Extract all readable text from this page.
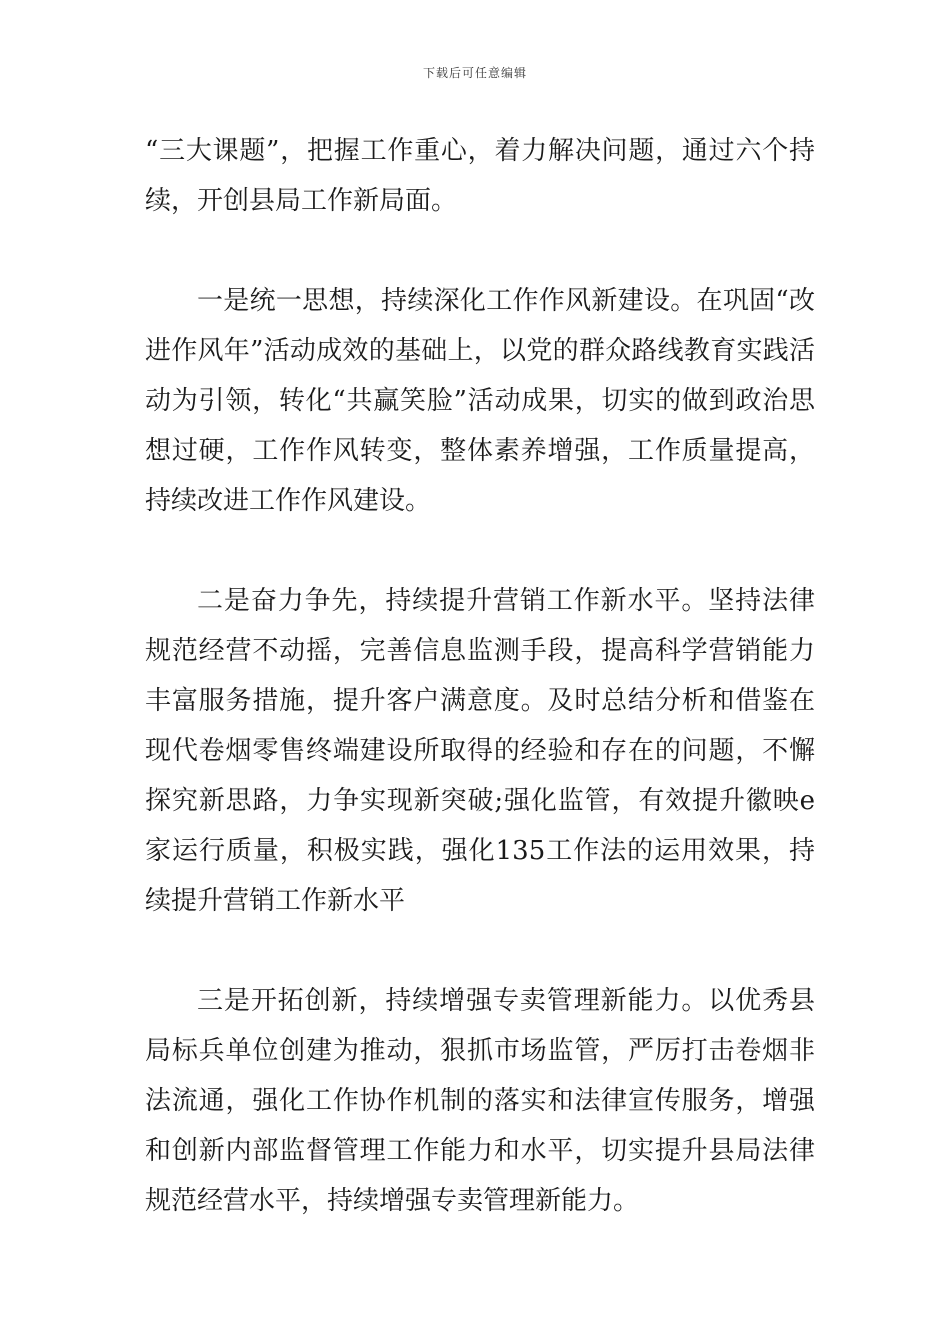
下载后可任意编辑

“三大课题”，把握工作重心，着力解决问题，通过六个持续，开创县局工作新局面。

一是统一思想，持续深化工作作风新建设。在巩固“改进作风年”活动成效的基础上，以党的群众路线教育实践活动为引领，转化“共赢笑脸”活动成果，切实的做到政治思想过硬，工作作风转变，整体素养增强，工作质量提高，持续改进工作作风建设。

二是奋力争先，持续提升营销工作新水平。坚持法律规范经营不动摇，完善信息监测手段，提高科学营销能力丰富服务措施，提升客户满意度。及时总结分析和借鉴在现代卷烟零售终端建设所取得的经验和存在的问题，不懈探究新思路，力争实现新突破;强化监管，有效提升徽映e家运行质量，积极实践，强化135工作法的运用效果，持续提升营销工作新水平

三是开拓创新，持续增强专卖管理新能力。以优秀县局标兵单位创建为推动，狠抓市场监管，严厉打击卷烟非法流通，强化工作协作机制的落实和法律宣传服务，增强和创新内部监督管理工作能力和水平，切实提升县局法律规范经营水平，持续增强专卖管理新能力。
